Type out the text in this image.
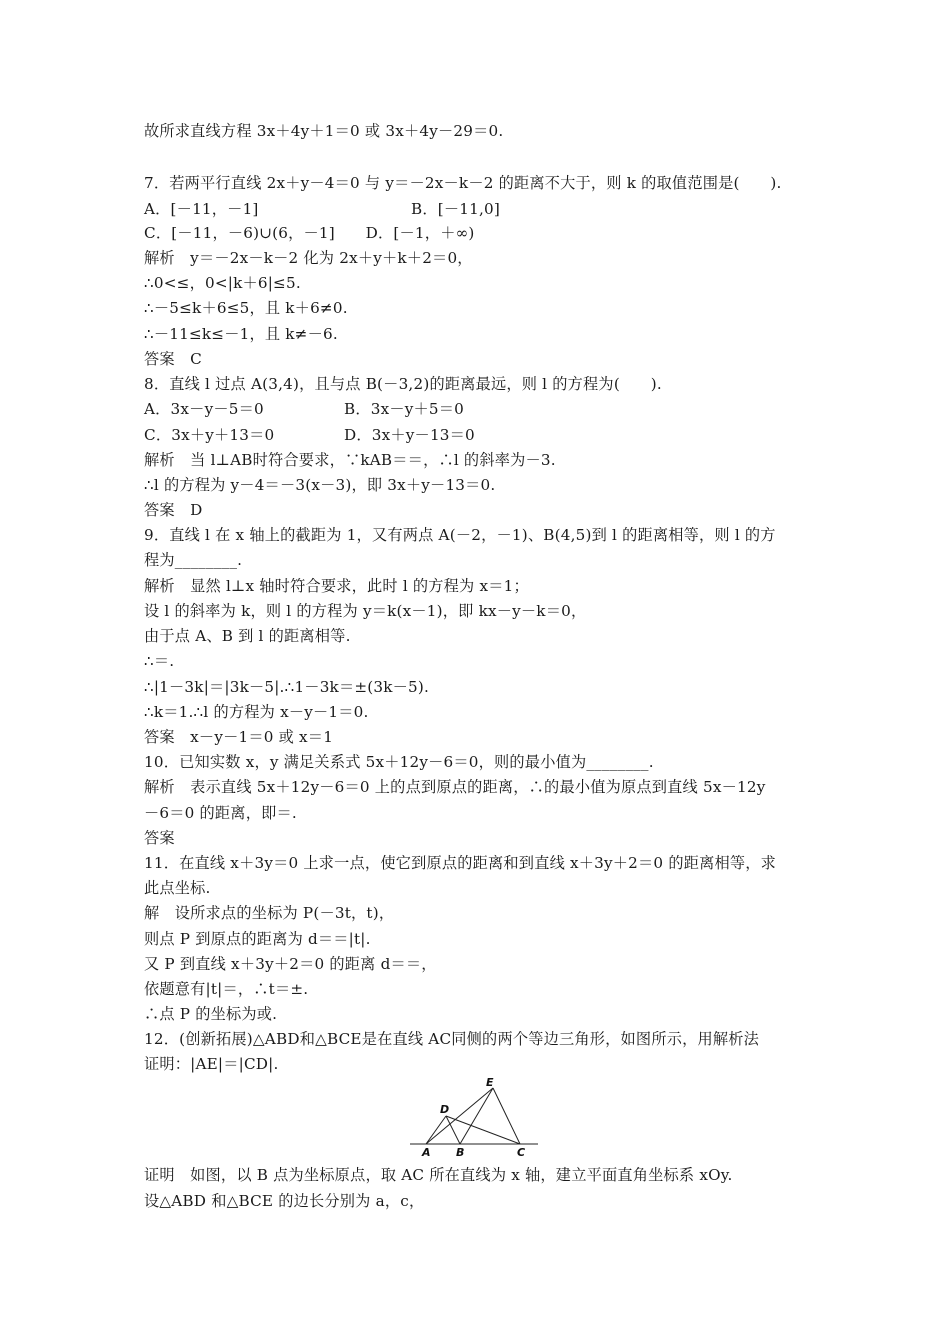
故所求直线方程 3x＋4y＋1＝0 或 3x＋4y－29＝0.
7．若两平行直线 2x＋y－4＝0 与 y＝－2x－k－2 的距离不大于，则 k 的取值范围是(　　).
A．[－11，－1]	B．[－11,0]
C．[－11，－6)∪(6，－1]　　D．[－1，＋∞)
解析　y＝－2x－k－2 化为 2x＋y＋k＋2＝0，
∴0<≤，0<|k＋6|≤5.
∴－5≤k＋6≤5，且 k＋6≠0.
∴－11≤k≤－1，且 k≠－6.
答案　C
8．直线 l 过点 A(3,4)，且与点 B(－3,2)的距离最远，则 l 的方程为(　　).
A．3x－y－5＝0	B．3x－y＋5＝0
C．3x＋y＋13＝0	D．3x＋y－13＝0
解析　当 l⊥AB时符合要求，∵kAB＝＝，∴l 的斜率为－3.
∴l 的方程为 y－4＝－3(x－3)，即 3x＋y－13＝0.
答案　D
9．直线 l 在 x 轴上的截距为 1，又有两点 A(－2，－1)、B(4,5)到 l 的距离相等，则 l 的方
程为________.
解析　显然 l⊥x 轴时符合要求，此时 l 的方程为 x＝1；
设 l 的斜率为 k，则 l 的方程为 y＝k(x－1)，即 kx－y－k＝0，
由于点 A、B 到 l 的距离相等.
∴＝.
∴|1－3k|＝|3k－5|.∴1－3k＝±(3k－5).
∴k＝1.∴l 的方程为 x－y－1＝0.
答案　x－y－1＝0 或 x＝1
10．已知实数 x，y 满足关系式 5x＋12y－6＝0，则的最小值为________.
解析　表示直线 5x＋12y－6＝0 上的点到原点的距离，∴的最小值为原点到直线 5x－12y
－6＝0 的距离，即＝.
答案
11．在直线 x＋3y＝0 上求一点，使它到原点的距离和到直线 x＋3y＋2＝0 的距离相等，求
此点坐标.
解　设所求点的坐标为 P(－3t，t)，
则点 P 到原点的距离为 d＝＝|t|.
又 P 到直线 x＋3y＋2＝0 的距离 d＝＝，
依题意有|t|＝，∴t＝±.
∴点 P 的坐标为或.
12．(创新拓展)△ABD和△BCE是在直线 AC同侧的两个等边三角形，如图所示，用解析法
证明：|AE|＝|CD|.
A B	C
D
E
证明　如图，以 B 点为坐标原点，取 AC 所在直线为 x 轴，建立平面直角坐标系 xOy.
设△ABD 和△BCE 的边长分别为 a，c，
